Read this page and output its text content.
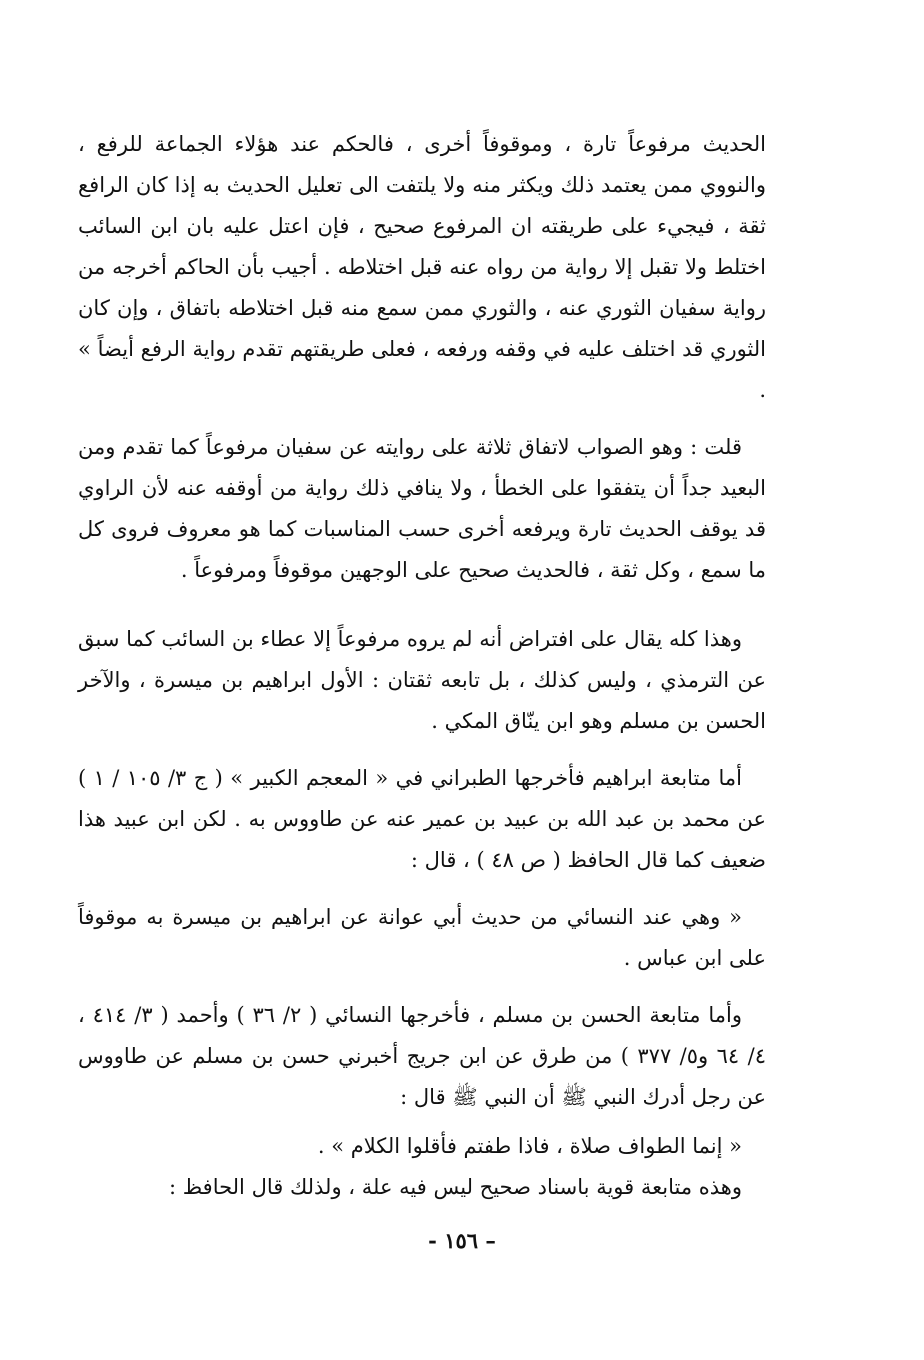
الحديث مرفوعاً تارة ، وموقوفاً أخرى ، فالحكم عند هؤلاء الجماعة للرفع ، والنووي ممن يعتمد ذلك ويكثر منه ولا يلتفت الى تعليل الحديث به إذا كان الرافع ثقة ، فيجيء على طريقته ان المرفوع صحيح ، فإن اعتل عليه بان ابن السائب اختلط ولا تقبل إلا رواية من رواه عنه قبل اختلاطه . أجيب بأن الحاكم أخرجه من رواية سفيان الثوري عنه ، والثوري ممن سمع منه قبل اختلاطه باتفاق ، وإن كان الثوري قد اختلف عليه في وقفه ورفعه ، فعلى طريقتهم تقدم رواية الرفع أيضاً » .

قلت : وهو الصواب لاتفاق ثلاثة على روايته عن سفيان مرفوعاً كما تقدم ومن البعيد جداً أن يتفقوا على الخطأ ، ولا ينافي ذلك رواية من أوقفه عنه لأن الراوي قد يوقف الحديث تارة ويرفعه أخرى حسب المناسبات كما هو معروف فروى كل ما سمع ، وكل ثقة ، فالحديث صحيح على الوجهين موقوفاً ومرفوعاً .

وهذا كله يقال على افتراض أنه لم يروه مرفوعاً إلا عطاء بن السائب كما سبق عن الترمذي ، وليس كذلك ، بل تابعه ثقتان : الأول ابراهيم بن ميسرة ، والآخر الحسن بن مسلم وهو ابن ينّاق المكي .

أما متابعة ابراهيم فأخرجها الطبراني في « المعجم الكبير » ( ج ٣/ ١٠٥ / ١ ) عن محمد بن عبد الله بن عبيد بن عمير عنه عن طاووس به . لكن ابن عبيد هذا ضعيف كما قال الحافظ ( ص ٤٨ ) ، قال :

« وهي عند النسائي من حديث أبي عوانة عن ابراهيم بن ميسرة به موقوفاً على ابن عباس .

وأما متابعة الحسن بن مسلم ، فأخرجها النسائي ( ٢/ ٣٦ ) وأحمد ( ٣/ ٤١٤ ، ٤/ ٦٤ و٥/ ٣٧٧ ) من طرق عن ابن جريج أخبرني حسن بن مسلم عن طاووس عن رجل أدرك النبي ﷺ أن النبي ﷺ قال :

« إنما الطواف صلاة ، فاذا طفتم فأقلوا الكلام » .

وهذه متابعة قوية باسناد صحيح ليس فيه علة ، ولذلك قال الحافظ :

– ١٥٦ -
